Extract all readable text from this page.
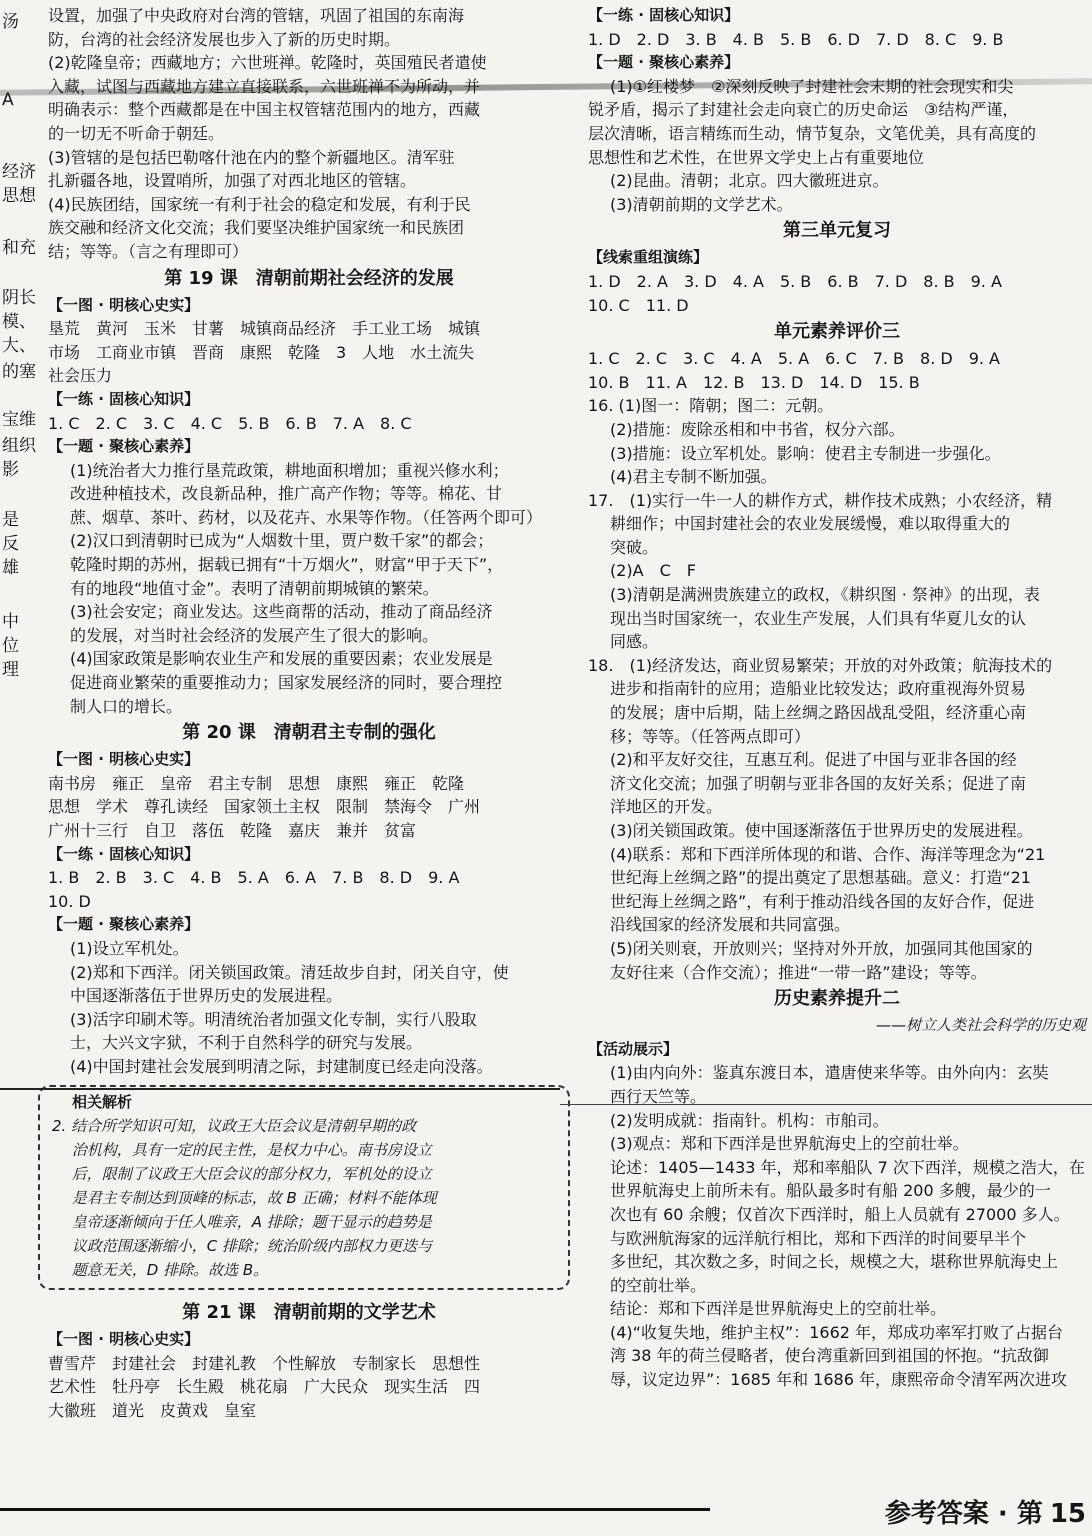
汤
A
经济
思想
和充
阴长
模、
大、
的塞
宝维
组织
影
是
反
雄
中
位
理

设置，加强了中央政府对台湾的管辖，巩固了祖国的东南海

防，台湾的社会经济发展也步入了新的历史时期。

(2)乾隆皇帝；西藏地方；六世班禅。乾隆时，英国殖民者遣使

入藏，试图与西藏地方建立直接联系，六世班禅不为所动，并

明确表示：整个西藏都是在中国主权管辖范围内的地方，西藏

的一切无不听命于朝廷。

(3)管辖的是包括巴勒喀什池在内的整个新疆地区。清军驻

扎新疆各地，设置哨所，加强了对西北地区的管辖。

(4)民族团结，国家统一有利于社会的稳定和发展，有利于民

族交融和经济文化交流；我们要坚决维护国家统一和民族团

结；等等。（言之有理即可）

第 19 课　清朝前期社会经济的发展

【一图 · 明核心史实】

垦荒　黄河　玉米　甘薯　城镇商品经济　手工业工场　城镇

市场　工商业市镇　晋商　康熙　乾隆　3　人地　水土流失

社会压力

【一练 · 固核心知识】

1. C　2. C　3. C　4. C　5. B　6. B　7. A　8. C

【一题 · 聚核心素养】

(1)统治者大力推行垦荒政策，耕地面积增加；重视兴修水利；

改进种植技术，改良新品种，推广高产作物；等等。棉花、甘

蔗、烟草、茶叶、药材，以及花卉、水果等作物。（任答两个即可）

(2)汉口到清朝时已成为“人烟数十里，贾户数千家”的都会；

乾隆时期的苏州，据载已拥有“十万烟火”，财富“甲于天下”，

有的地段“地值寸金”。表明了清朝前期城镇的繁荣。

(3)社会安定；商业发达。这些商帮的活动，推动了商品经济

的发展，对当时社会经济的发展产生了很大的影响。

(4)国家政策是影响农业生产和发展的重要因素；农业发展是

促进商业繁荣的重要推动力；国家发展经济的同时，要合理控

制人口的增长。

第 20 课　清朝君主专制的强化

【一图 · 明核心史实】

南书房　雍正　皇帝　君主专制　思想　康熙　雍正　乾隆

思想　学术　尊孔读经　国家领土主权　限制　禁海令　广州

广州十三行　自卫　落伍　乾隆　嘉庆　兼并　贫富

【一练 · 固核心知识】

1. B　2. B　3. C　4. B　5. A　6. A　7. B　8. D　9. A

10. D

【一题 · 聚核心素养】

(1)设立军机处。

(2)郑和下西洋。闭关锁国政策。清廷故步自封，闭关自守，使

中国逐渐落伍于世界历史的发展进程。

(3)活字印刷术等。明清统治者加强文化专制，实行八股取

士，大兴文字狱，不利于自然科学的研究与发展。

(4)中国封建社会发展到明清之际，封建制度已经走向没落。

相关解析

2. 结合所学知识可知，议政王大臣会议是清朝早期的政

　 治机构，具有一定的民主性，是权力中心。南书房设立

　 后，限制了议政王大臣会议的部分权力，军机处的设立

　 是君主专制达到顶峰的标志，故 B 正确；材料不能体现

　 皇帝逐渐倾向于任人唯亲，A 排除；题干显示的趋势是

　 议政范围逐渐缩小，C 排除；统治阶级内部权力更迭与

　 题意无关，D 排除。故选 B。

第 21 课　清朝前期的文学艺术

【一图 · 明核心史实】

曹雪芹　封建社会　封建礼教　个性解放　专制家长　思想性

艺术性　牡丹亭　长生殿　桃花扇　广大民众　现实生活　四

大徽班　道光　皮黄戏　皇室

【一练 · 固核心知识】

1. D　2. D　3. B　4. B　5. B　6. D　7. D　8. C　9. B

【一题 · 聚核心素养】

(1)①红楼梦　②深刻反映了封建社会末期的社会现实和尖

锐矛盾，揭示了封建社会走向衰亡的历史命运　③结构严谨，

层次清晰，语言精练而生动，情节复杂，文笔优美，具有高度的

思想性和艺术性，在世界文学史上占有重要地位

(2)昆曲。清朝；北京。四大徽班进京。

(3)清朝前期的文学艺术。

第三单元复习

【线索重组演练】

1. D　2. A　3. D　4. A　5. B　6. B　7. D　8. B　9. A

10. C　11. D

单元素养评价三

1. C　2. C　3. C　4. A　5. A　6. C　7. B　8. D　9. A

10. B　11. A　12. B　13. D　14. D　15. B

16. (1)图一：隋朝；图二：元朝。

(2)措施：废除丞相和中书省，权分六部。

(3)措施：设立军机处。影响：使君主专制进一步强化。

(4)君主专制不断加强。

17.　(1)实行一牛一人的耕作方式，耕作技术成熟；小农经济，精

耕细作；中国封建社会的农业发展缓慢，难以取得重大的

突破。

(2)A　C　F

(3)清朝是满洲贵族建立的政权，《耕织图 · 祭神》的出现，表

现出当时国家统一，农业生产发展，人们具有华夏儿女的认

同感。

18.　(1)经济发达，商业贸易繁荣；开放的对外政策；航海技术的

进步和指南针的应用；造船业比较发达；政府重视海外贸易

的发展；唐中后期，陆上丝绸之路因战乱受阻，经济重心南

移；等等。（任答两点即可）

(2)和平友好交往，互惠互利。促进了中国与亚非各国的经

济文化交流；加强了明朝与亚非各国的友好关系；促进了南

洋地区的开发。

(3)闭关锁国政策。使中国逐渐落伍于世界历史的发展进程。

(4)联系：郑和下西洋所体现的和谐、合作、海洋等理念为“21

世纪海上丝绸之路”的提出奠定了思想基础。意义：打造“21

世纪海上丝绸之路”，有利于推动沿线各国的友好合作，促进

沿线国家的经济发展和共同富强。

(5)闭关则衰，开放则兴；坚持对外开放，加强同其他国家的

友好往来（合作交流）；推进“一带一路”建设；等等。

历史素养提升二

——树立人类社会科学的历史观

【活动展示】

(1)由内向外：鉴真东渡日本，遣唐使来华等。由外向内：玄奘

西行天竺等。

(2)发明成就：指南针。机构：市舶司。

(3)观点：郑和下西洋是世界航海史上的空前壮举。

论述：1405—1433 年，郑和率船队 7 次下西洋，规模之浩大，在

世界航海史上前所未有。船队最多时有船 200 多艘，最少的一

次也有 60 余艘；仅首次下西洋时，船上人员就有 27000 多人。

与欧洲航海家的远洋航行相比，郑和下西洋的时间要早半个

多世纪，其次数之多，时间之长，规模之大，堪称世界航海史上

的空前壮举。

结论：郑和下西洋是世界航海史上的空前壮举。

(4)“收复失地，维护主权”：1662 年，郑成功率军打败了占据台

湾 38 年的荷兰侵略者，使台湾重新回到祖国的怀抱。“抗敌御

辱，议定边界”：1685 年和 1686 年，康熙帝命令清军两次进攻

参考答案 · 第 15
